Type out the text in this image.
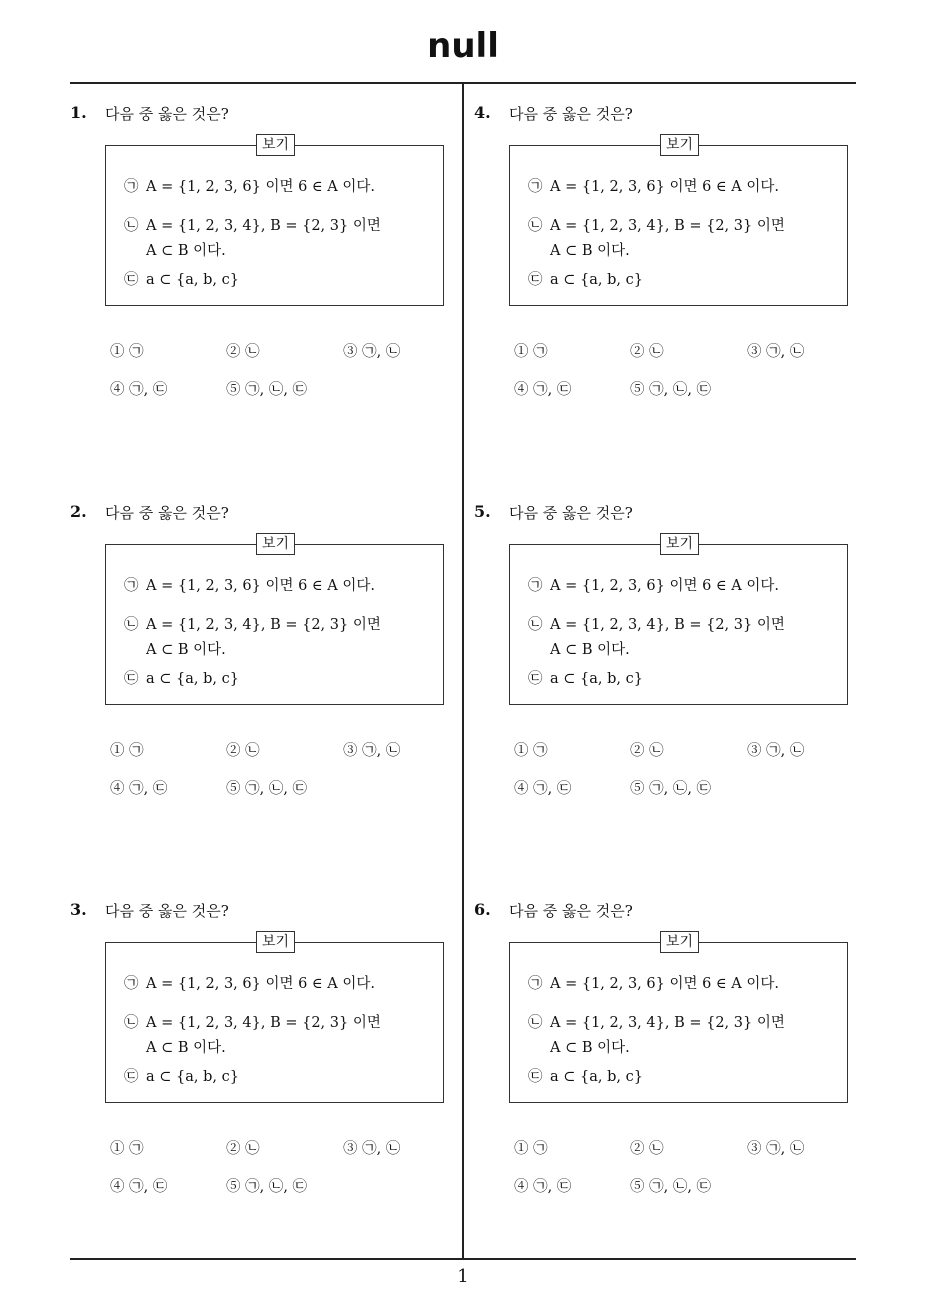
null
1
1. 다음 중 옳은 것은?
보기
㉠ A = {1, 2, 3, 6} 이면 6 ∈ A 이다.
㉡ A = {1, 2, 3, 4}, B = {2, 3} 이면
A ⊂ B 이다.
㉢ a ⊂ {a, b, c}
① ㉠	② ㉡	③ ㉠, ㉡
④ ㉠, ㉢	⑤ ㉠, ㉡, ㉢
2. 다음 중 옳은 것은?
보기
㉠ A = {1, 2, 3, 6} 이면 6 ∈ A 이다.
㉡ A = {1, 2, 3, 4}, B = {2, 3} 이면
A ⊂ B 이다.
㉢ a ⊂ {a, b, c}
① ㉠	② ㉡	③ ㉠, ㉡
④ ㉠, ㉢	⑤ ㉠, ㉡, ㉢
3. 다음 중 옳은 것은?
보기
㉠ A = {1, 2, 3, 6} 이면 6 ∈ A 이다.
㉡ A = {1, 2, 3, 4}, B = {2, 3} 이면
A ⊂ B 이다.
㉢ a ⊂ {a, b, c}
① ㉠	② ㉡	③ ㉠, ㉡
④ ㉠, ㉢	⑤ ㉠, ㉡, ㉢
4. 다음 중 옳은 것은?
보기
㉠ A = {1, 2, 3, 6} 이면 6 ∈ A 이다.
㉡ A = {1, 2, 3, 4}, B = {2, 3} 이면
A ⊂ B 이다.
㉢ a ⊂ {a, b, c}
① ㉠	② ㉡	③ ㉠, ㉡
④ ㉠, ㉢	⑤ ㉠, ㉡, ㉢
5. 다음 중 옳은 것은?
보기
㉠ A = {1, 2, 3, 6} 이면 6 ∈ A 이다.
㉡ A = {1, 2, 3, 4}, B = {2, 3} 이면
A ⊂ B 이다.
㉢ a ⊂ {a, b, c}
① ㉠	② ㉡	③ ㉠, ㉡
④ ㉠, ㉢	⑤ ㉠, ㉡, ㉢
6. 다음 중 옳은 것은?
보기
㉠ A = {1, 2, 3, 6} 이면 6 ∈ A 이다.
㉡ A = {1, 2, 3, 4}, B = {2, 3} 이면
A ⊂ B 이다.
㉢ a ⊂ {a, b, c}
① ㉠	② ㉡	③ ㉠, ㉡
④ ㉠, ㉢	⑤ ㉠, ㉡, ㉢
